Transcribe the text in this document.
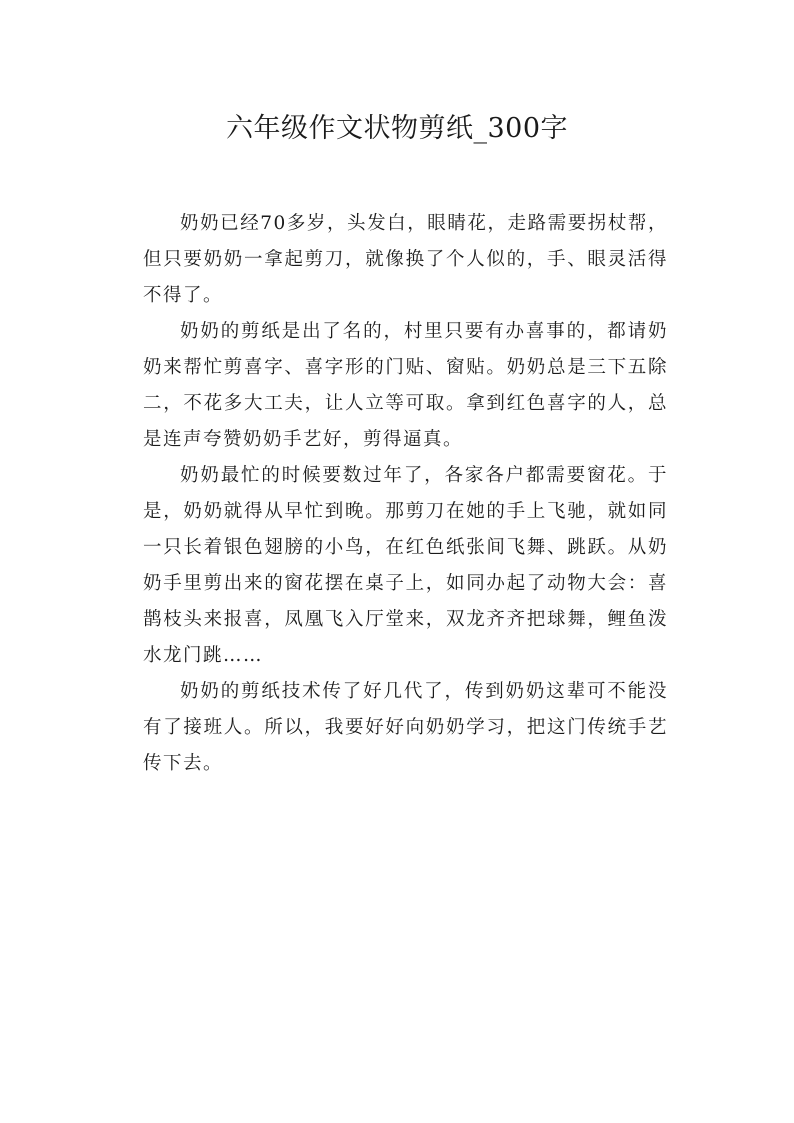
六年级作文状物剪纸_300字

奶奶已经70多岁，头发白，眼睛花，走路需要拐杖帮，但只要奶奶一拿起剪刀，就像换了个人似的，手、眼灵活得不得了。

奶奶的剪纸是出了名的，村里只要有办喜事的，都请奶奶来帮忙剪喜字、喜字形的门贴、窗贴。奶奶总是三下五除二，不花多大工夫，让人立等可取。拿到红色喜字的人，总是连声夸赞奶奶手艺好，剪得逼真。

奶奶最忙的时候要数过年了，各家各户都需要窗花。于是，奶奶就得从早忙到晚。那剪刀在她的手上飞驰，就如同一只长着银色翅膀的小鸟，在红色纸张间飞舞、跳跃。从奶奶手里剪出来的窗花摆在桌子上，如同办起了动物大会：喜鹊枝头来报喜，凤凰飞入厅堂来，双龙齐齐把球舞，鲤鱼泼水龙门跳……

奶奶的剪纸技术传了好几代了，传到奶奶这辈可不能没有了接班人。所以，我要好好向奶奶学习，把这门传统手艺传下去。
